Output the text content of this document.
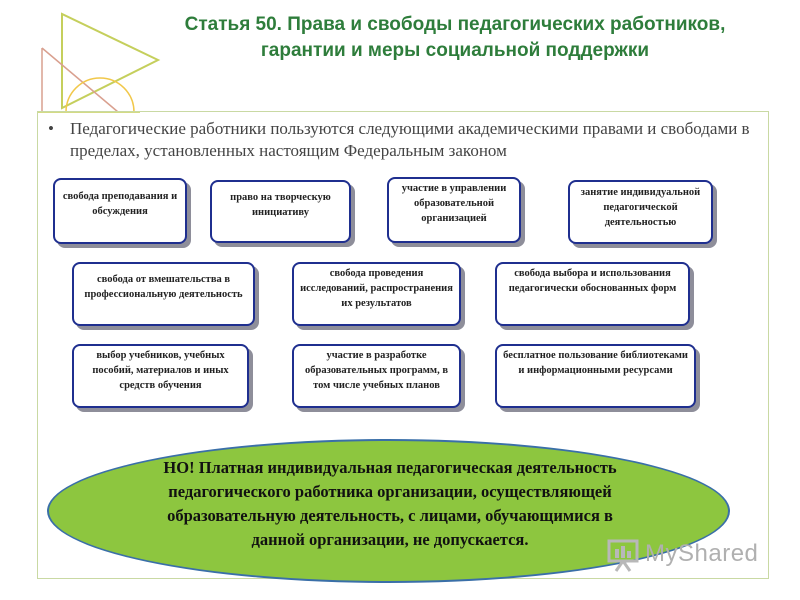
Статья 50. Права и свободы педагогических работников, гарантии и меры социальной поддержки
• Педагогические работники пользуются следующими академическими правами и свободами в пределах, установленных настоящим Федеральным законом
свобода преподавания и обсуждения
право на творческую инициативу
участие в управлении образовательной организацией
занятие индивидуальной педагогической деятельностью
свобода от вмешательства в профессиональную деятельность
свобода проведения исследований, распространения их результатов
свобода выбора и использования педагогически обоснованных форм
выбор учебников, учебных пособий, материалов и иных средств обучения
участие в разработке образовательных программ, в том числе учебных планов
бесплатное пользование библиотеками и информационными ресурсами
НО! Платная индивидуальная педагогическая деятельность педагогического работника организации, осуществляющей образовательную деятельность, с лицами, обучающимися в данной организации, не допускается.
MyShared
